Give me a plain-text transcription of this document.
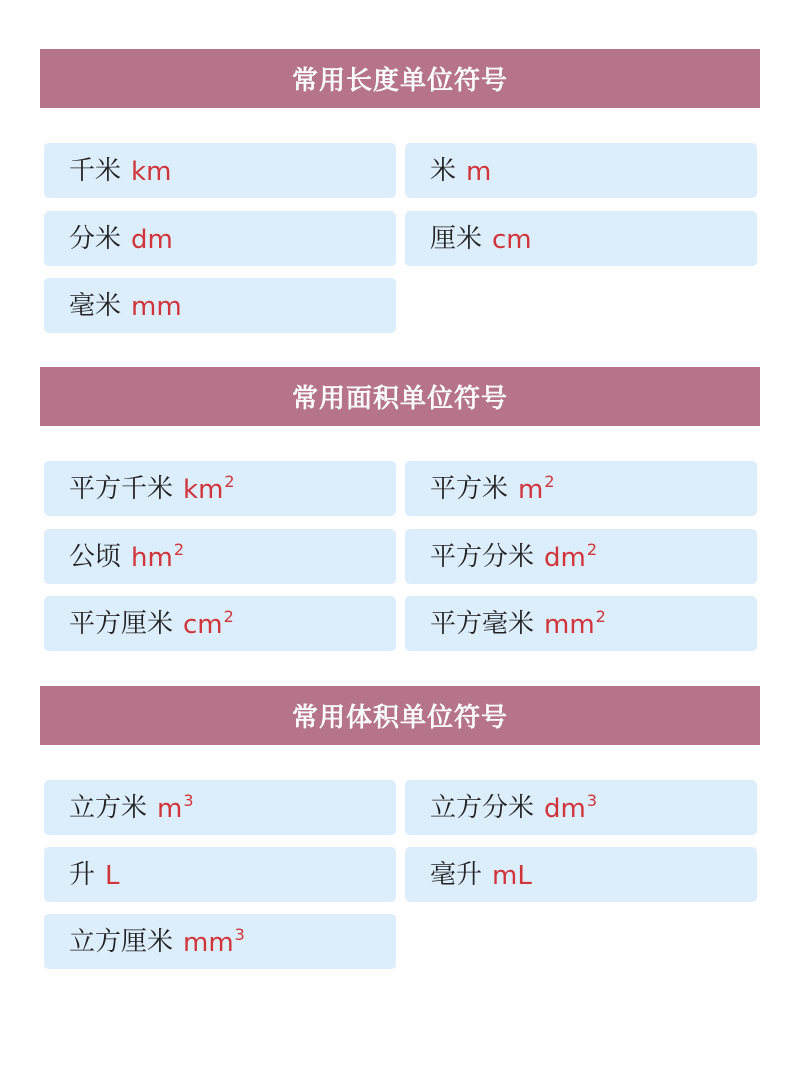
常用长度单位符号
千米 km	米 m
分米 dm	厘米 cm
毫米 mm
常用面积单位符号
平方千米 $km^2$	平方米 $m^2$
公顷 $hm^2$	平方分米 $dm^2$
平方厘米 $cm^2$	平方毫米 $mm^2$
常用体积单位符号
立方米 $m^3$	立方分米 $dm^3$
升 L	毫升 mL
立方厘米 $mm^3$
